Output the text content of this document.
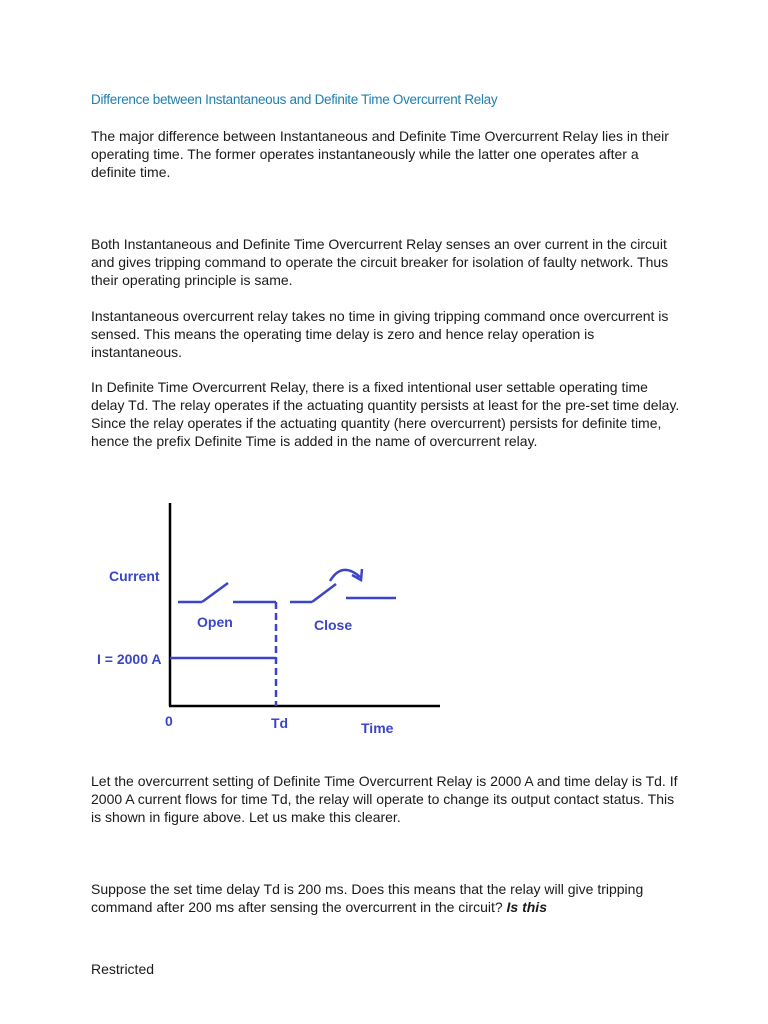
Difference between Instantaneous and Definite Time Overcurrent Relay

The major difference between Instantaneous and Definite Time Overcurrent Relay lies in their operating time. The former operates instantaneously while the latter one operates after a definite time.

Both Instantaneous and Definite Time Overcurrent Relay senses an over current in the circuit and gives tripping command to operate the circuit breaker for isolation of faulty network. Thus their operating principle is same.

Instantaneous overcurrent relay takes no time in giving tripping command once overcurrent is sensed. This means the operating time delay is zero and hence relay operation is instantaneous.

In Definite Time Overcurrent Relay, there is a fixed intentional user settable operating time delay Td. The relay operates if the actuating quantity persists at least for the pre-set time delay. Since the relay operates if the actuating quantity (here overcurrent) persists for definite time, hence the prefix Definite Time is added in the name of overcurrent relay.

Current
Open	Close
I = 2000 A
0	Td	Time

Let the overcurrent setting of Definite Time Overcurrent Relay is 2000 A and time delay is Td. If 2000 A current flows for time Td, the relay will operate to change its output contact status. This is shown in figure above. Let us make this clearer.

Suppose the set time delay Td is 200 ms. Does this means that the relay will give tripping command after 200 ms after sensing the overcurrent in the circuit? Is this

Restricted
